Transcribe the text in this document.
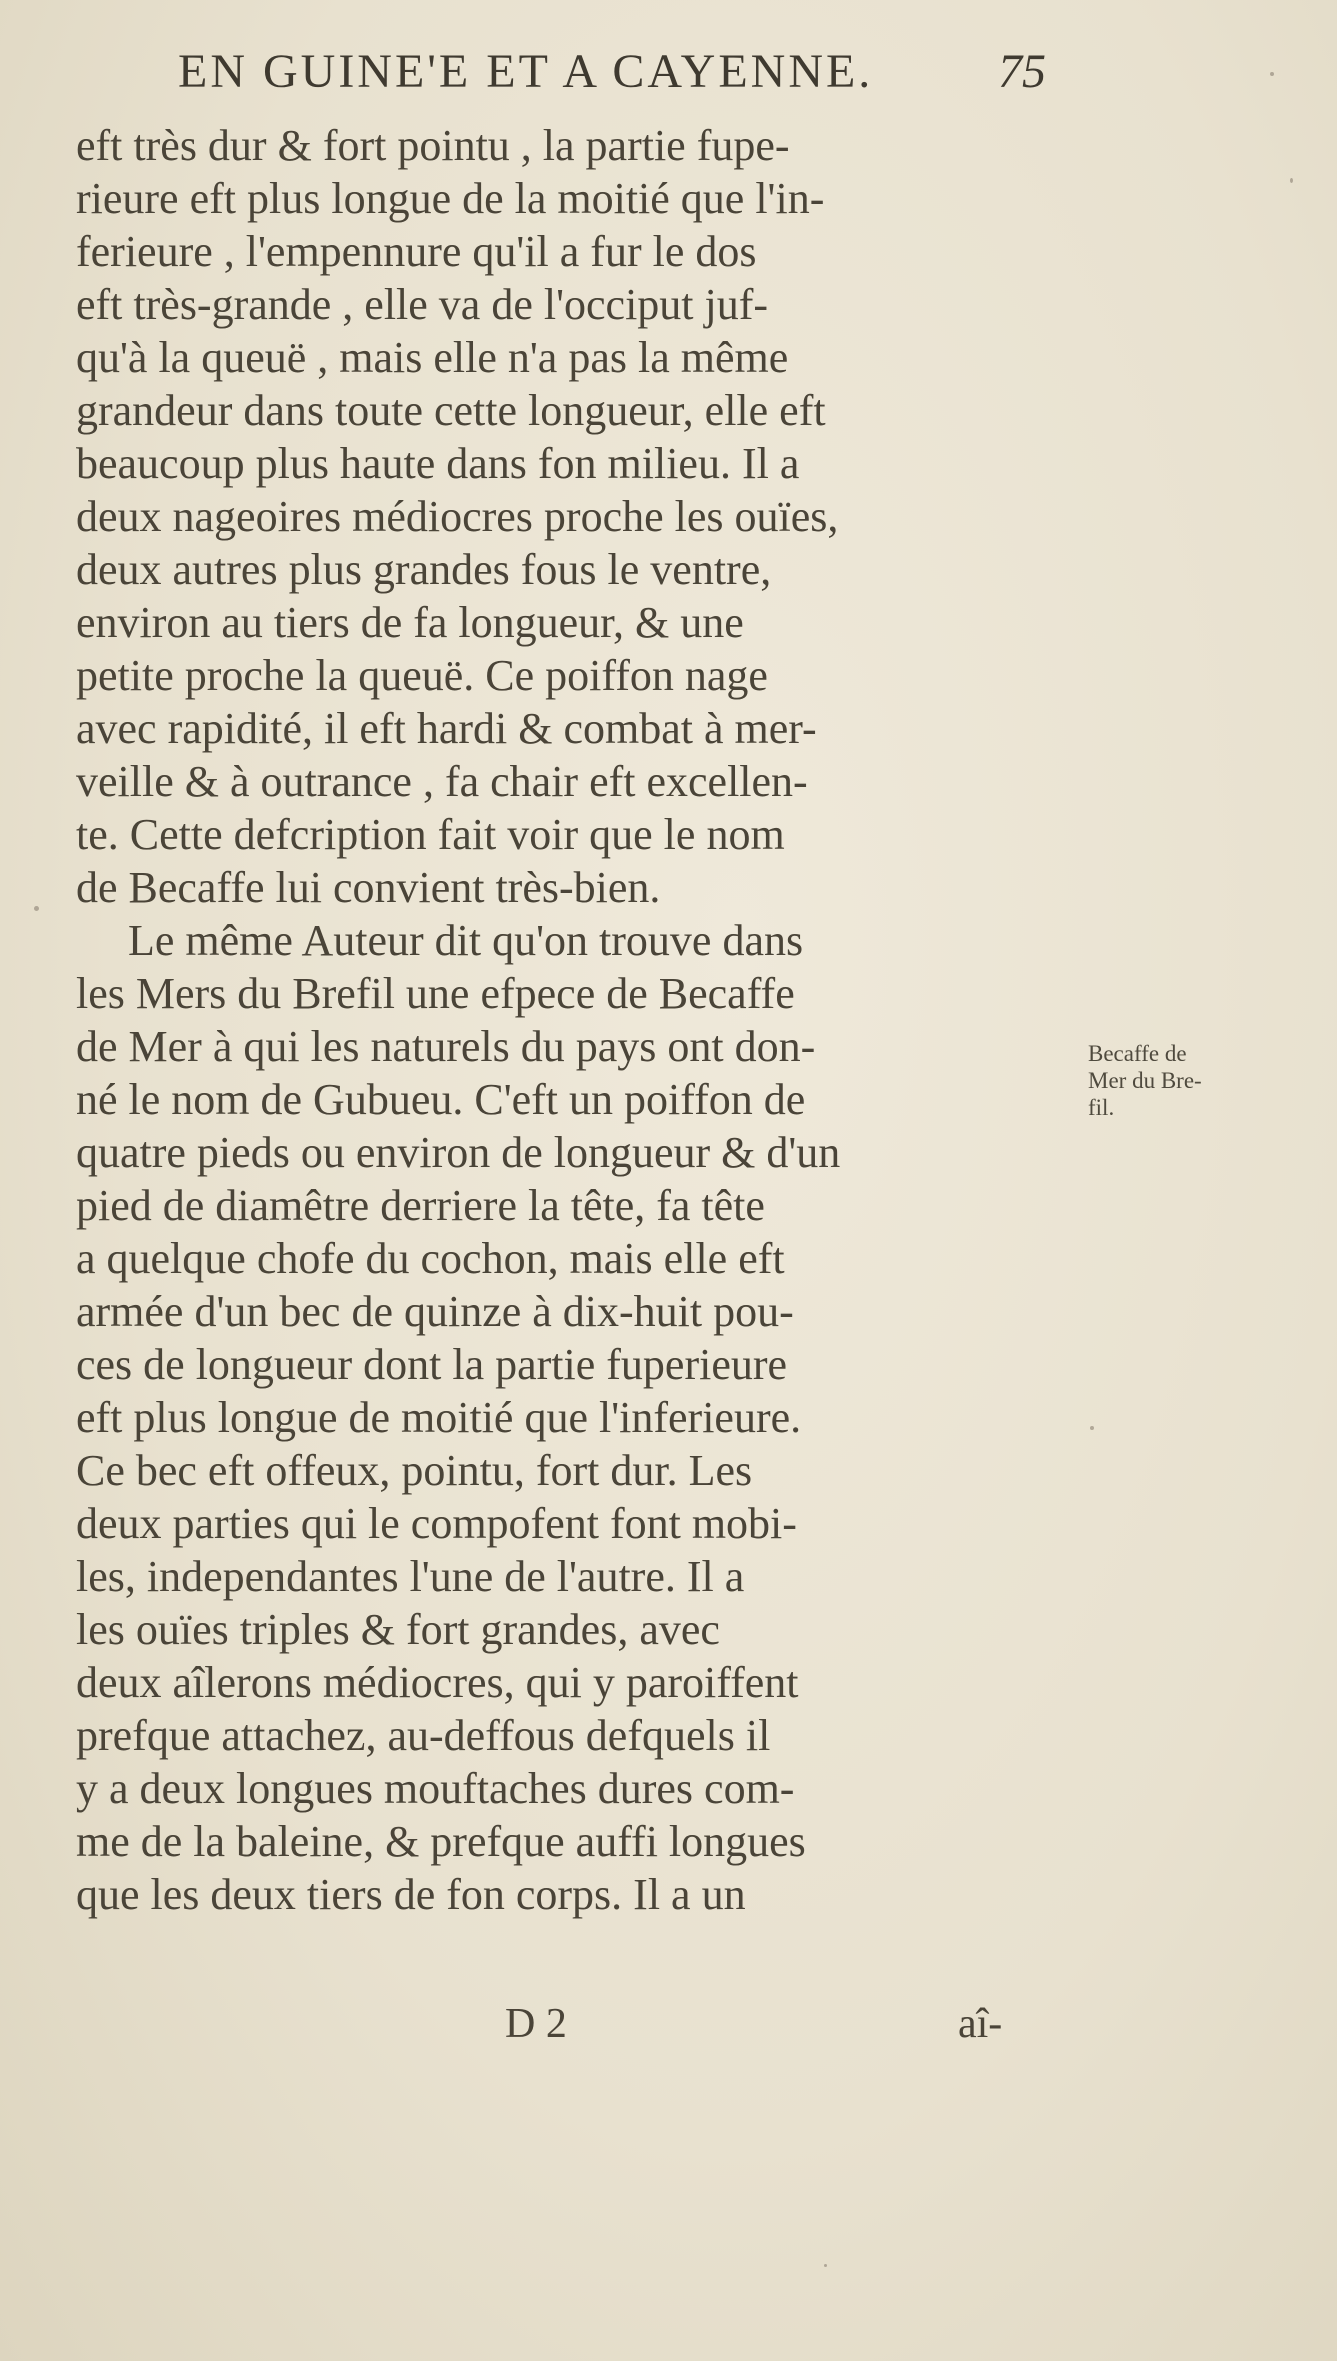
EN GUINE'E ET A CAYENNE.	75
eft très dur & fort pointu , la partie fupe-
rieure eft plus longue de la moitié que l'in-
ferieure , l'empennure qu'il a fur le dos
eft très-grande , elle va de l'occiput juf-
qu'à la queuë , mais elle n'a pas la même
grandeur dans toute cette longueur, elle eft
beaucoup plus haute dans fon milieu. Il a
deux nageoires médiocres proche les ouïes,
deux autres plus grandes fous le ventre,
environ au tiers de fa longueur, & une
petite proche la queuë. Ce poiffon nage
avec rapidité, il eft hardi & combat à mer-
veille & à outrance , fa chair eft excellen-
te. Cette defcription fait voir que le nom
de Becaffe lui convient très-bien.
Le même Auteur dit qu'on trouve dans
les Mers du Brefil une efpece de Becaffe
de Mer à qui les naturels du pays ont don-
né le nom de Gubueu. C'eft un poiffon de
quatre pieds ou environ de longueur & d'un
pied de diamêtre derriere la tête, fa tête
a quelque chofe du cochon, mais elle eft
armée d'un bec de quinze à dix-huit pou-
ces de longueur dont la partie fuperieure
eft plus longue de moitié que l'inferieure.
Ce bec eft offeux, pointu, fort dur. Les
deux parties qui le compofent font mobi-
les, independantes l'une de l'autre. Il a
les ouïes triples & fort grandes, avec
deux aîlerons médiocres, qui y paroiffent
prefque attachez, au-deffous defquels il
y a deux longues mouftaches dures com-
me de la baleine, & prefque auffi longues
que les deux tiers de fon corps. Il a un
Becaffe de
Mer du Bre-
fil.
D 2	aî-
